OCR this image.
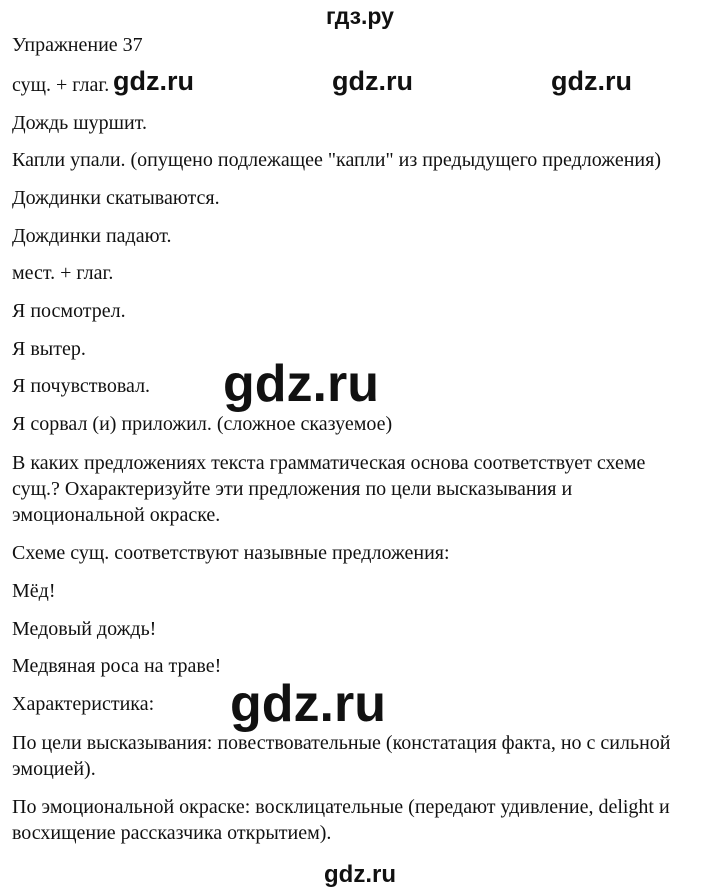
гдз.ру
Упражнение 37
сущ. + глаг.
Дождь шуршит.
Капли упали. (опущено подлежащее "капли" из предыдущего предложения)
Дождинки скатываются.
Дождинки падают.
мест. + глаг.
Я посмотрел.
Я вытер.
Я почувствовал.
Я сорвал (и) приложил. (сложное сказуемое)
В каких предложениях текста грамматическая основа соответствует схеме
сущ.? Охарактеризуйте эти предложения по цели высказывания и
эмоциональной окраске.
Схеме сущ. соответствуют назывные предложения:
Мёд!
Медовый дождь!
Медвяная роса на траве!
Характеристика:
По цели высказывания: повествовательные (констатация факта, но с сильной
эмоцией).
По эмоциональной окраске: восклицательные (передают удивление, delight и
восхищение рассказчика открытием).
gdz.ru	gdz.ru	gdz.ru
gdz.ru
gdz.ru
gdz.ru
